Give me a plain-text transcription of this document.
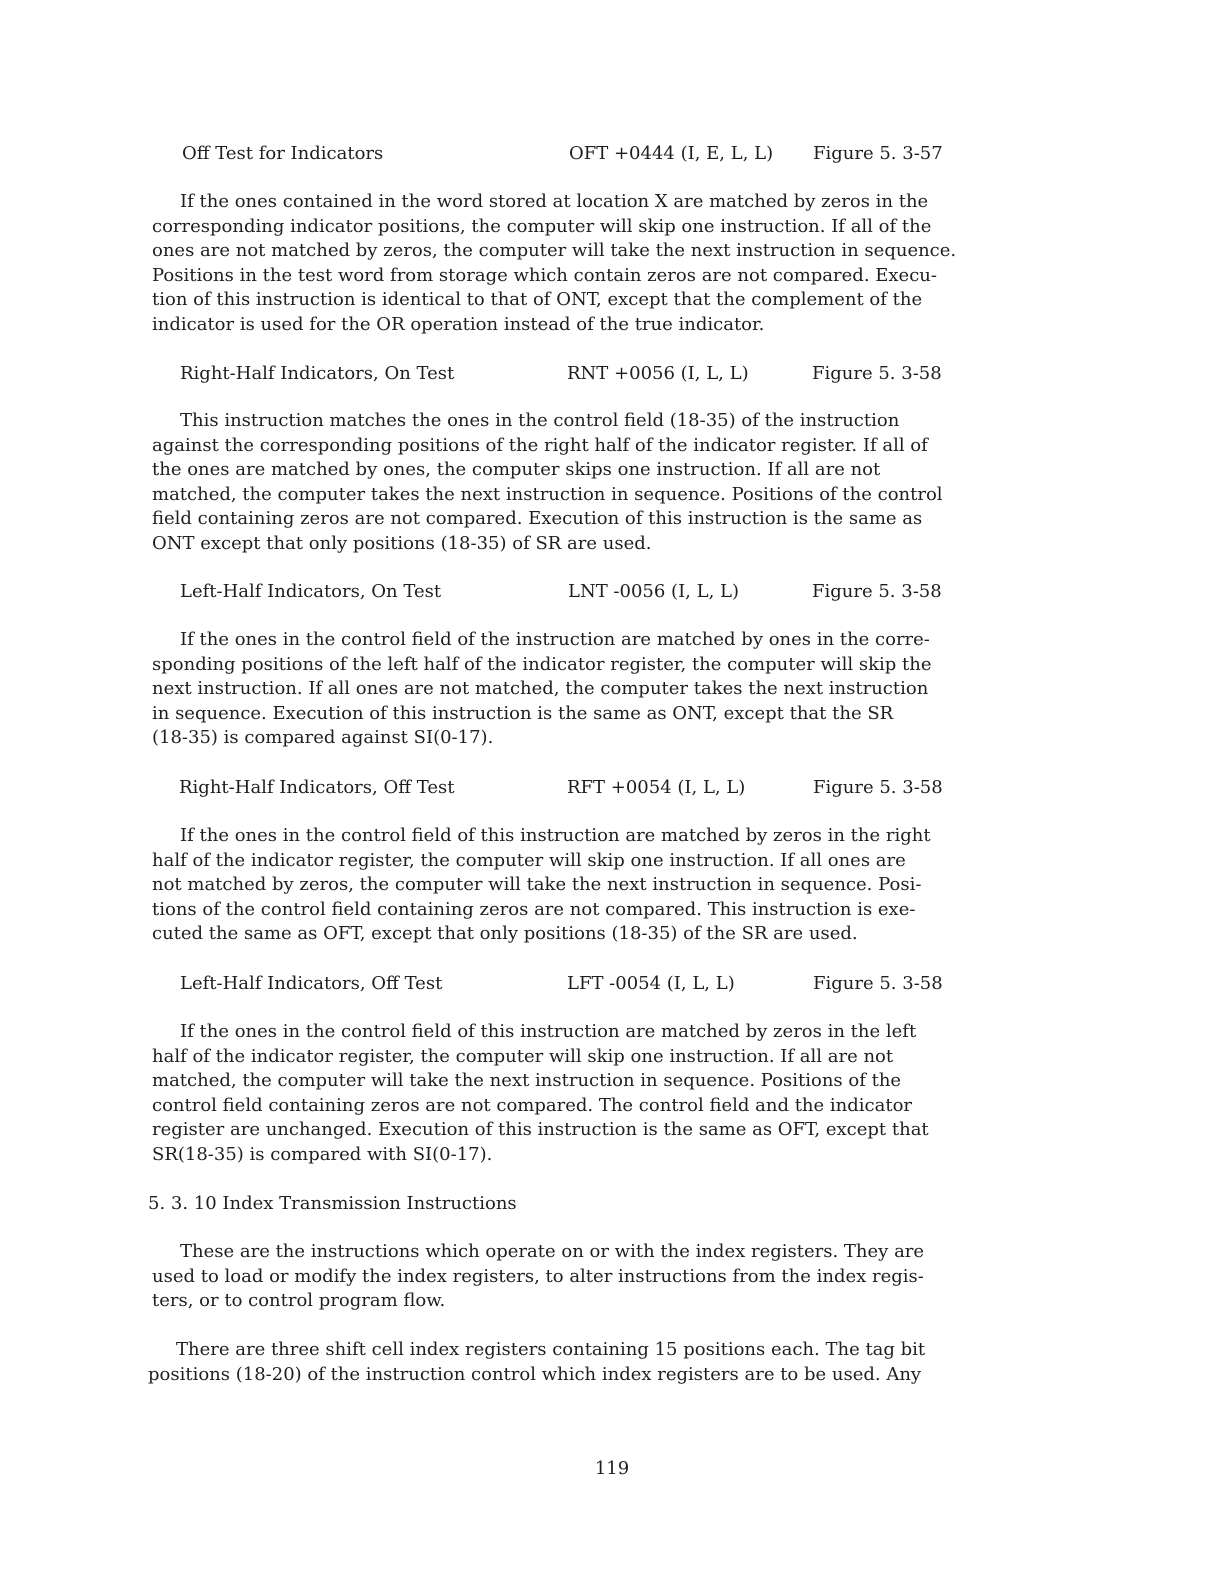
Off Test for Indicators	OFT +0444 (I, E, L, L) Figure 5. 3-57
If the ones contained in the word stored at location X are matched by zeros in the
corresponding indicator positions, the computer will skip one instruction. If all of the
ones are not matched by zeros, the computer will take the next instruction in sequence.
Positions in the test word from storage which contain zeros are not compared. Execu-
tion of this instruction is identical to that of ONT, except that the complement of the
indicator is used for the OR operation instead of the true indicator.
Right-Half Indicators, On Test	RNT +0056 (I, L, L)	Figure 5. 3-58
This instruction matches the ones in the control field (18-35) of the instruction
against the corresponding positions of the right half of the indicator register. If all of
the ones are matched by ones, the computer skips one instruction. If all are not
matched, the computer takes the next instruction in sequence. Positions of the control
field containing zeros are not compared. Execution of this instruction is the same as
ONT except that only positions (18-35) of SR are used.
Left-Half Indicators, On Test	LNT -0056 (I, L, L)	Figure 5. 3-58
If the ones in the control field of the instruction are matched by ones in the corre-
sponding positions of the left half of the indicator register, the computer will skip the
next instruction. If all ones are not matched, the computer takes the next instruction
in sequence. Execution of this instruction is the same as ONT, except that the SR
(18-35) is compared against SI(0-17).
Right-Half Indicators, Off Test	RFT +0054 (I, L, L)	Figure 5. 3-58
If the ones in the control field of this instruction are matched by zeros in the right
half of the indicator register, the computer will skip one instruction. If all ones are
not matched by zeros, the computer will take the next instruction in sequence. Posi-
tions of the control field containing zeros are not compared. This instruction is exe-
cuted the same as OFT, except that only positions (18-35) of the SR are used.
Left-Half Indicators, Off Test	LFT -0054 (I, L, L)	Figure 5. 3-58
If the ones in the control field of this instruction are matched by zeros in the left
half of the indicator register, the computer will skip one instruction. If all are not
matched, the computer will take the next instruction in sequence. Positions of the
control field containing zeros are not compared. The control field and the indicator
register are unchanged. Execution of this instruction is the same as OFT, except that
SR(18-35) is compared with SI(0-17).
5. 3. 10 Index Transmission Instructions
These are the instructions which operate on or with the index registers. They are
used to load or modify the index registers, to alter instructions from the index regis-
ters, or to control program flow.
There are three shift cell index registers containing 15 positions each. The tag bit
positions (18-20) of the instruction control which index registers are to be used. Any
119
